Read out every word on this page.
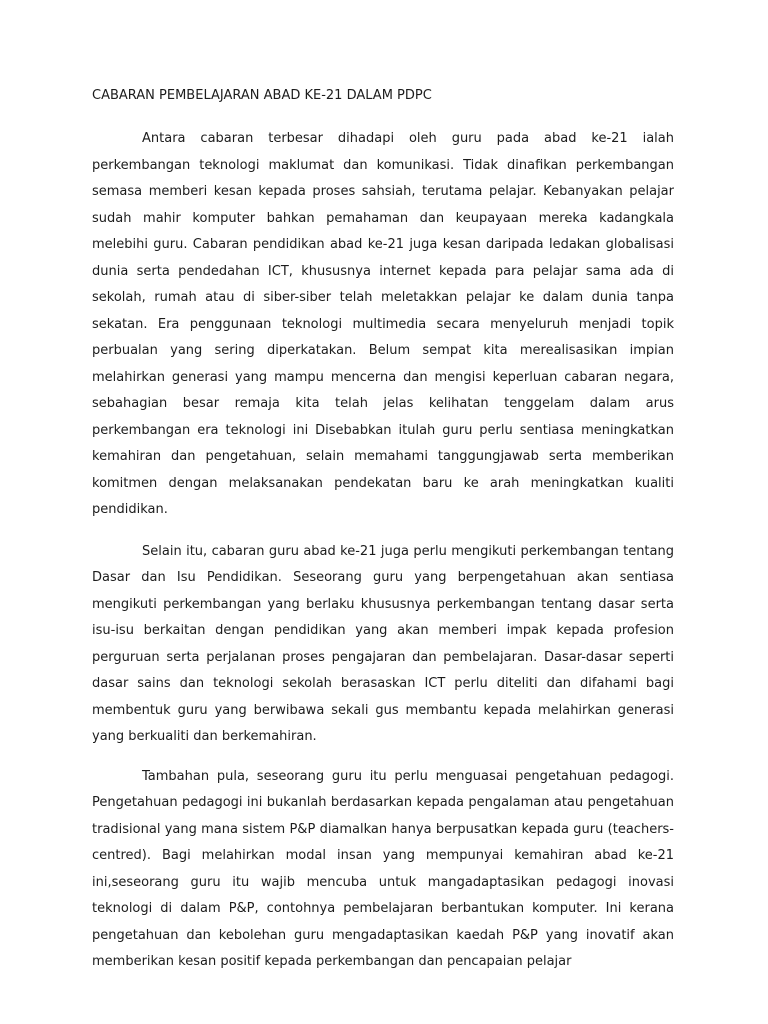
CABARAN PEMBELAJARAN ABAD KE-21 DALAM PDPC

Antara cabaran terbesar dihadapi oleh guru pada abad ke-21 ialah perkembangan teknologi maklumat dan komunikasi. Tidak dinafikan perkembangan semasa memberi kesan kepada proses sahsiah, terutama pelajar. Kebanyakan pelajar sudah mahir komputer bahkan pemahaman dan keupayaan mereka kadangkala melebihi guru. Cabaran pendidikan abad ke-21 juga kesan daripada ledakan globalisasi dunia serta pendedahan ICT, khususnya internet kepada para pelajar sama ada di sekolah, rumah atau di siber-siber telah meletakkan pelajar ke dalam dunia tanpa sekatan. Era penggunaan teknologi multimedia secara menyeluruh menjadi topik perbualan yang sering diperkatakan. Belum sempat kita merealisasikan impian melahirkan generasi yang mampu mencerna dan mengisi keperluan cabaran negara, sebahagian besar remaja kita telah jelas kelihatan tenggelam dalam arus perkembangan era teknologi ini Disebabkan itulah guru perlu sentiasa meningkatkan kemahiran dan pengetahuan, selain memahami tanggungjawab serta memberikan komitmen dengan melaksanakan pendekatan baru ke arah meningkatkan kualiti pendidikan.

Selain itu, cabaran guru abad ke-21 juga perlu mengikuti perkembangan tentang Dasar dan Isu Pendidikan. Seseorang guru yang berpengetahuan akan sentiasa mengikuti perkembangan yang berlaku khususnya perkembangan tentang dasar serta isu-isu berkaitan dengan pendidikan yang akan memberi impak kepada profesion perguruan serta perjalanan proses pengajaran dan pembelajaran. Dasar-dasar seperti dasar sains dan teknologi sekolah berasaskan ICT perlu diteliti dan difahami bagi membentuk guru yang berwibawa sekali gus membantu kepada melahirkan generasi yang berkualiti dan berkemahiran.

Tambahan pula, seseorang guru itu perlu menguasai pengetahuan pedagogi. Pengetahuan pedagogi ini bukanlah berdasarkan kepada pengalaman atau pengetahuan tradisional yang mana sistem P&P diamalkan hanya berpusatkan kepada guru (teachers-centred). Bagi melahirkan modal insan yang mempunyai kemahiran abad ke-21 ini,seseorang guru itu wajib mencuba untuk mangadaptasikan pedagogi inovasi teknologi di dalam P&P, contohnya pembelajaran berbantukan komputer. Ini kerana pengetahuan dan kebolehan guru mengadaptasikan kaedah P&P yang inovatif akan memberikan kesan positif kepada perkembangan dan pencapaian pelajar
